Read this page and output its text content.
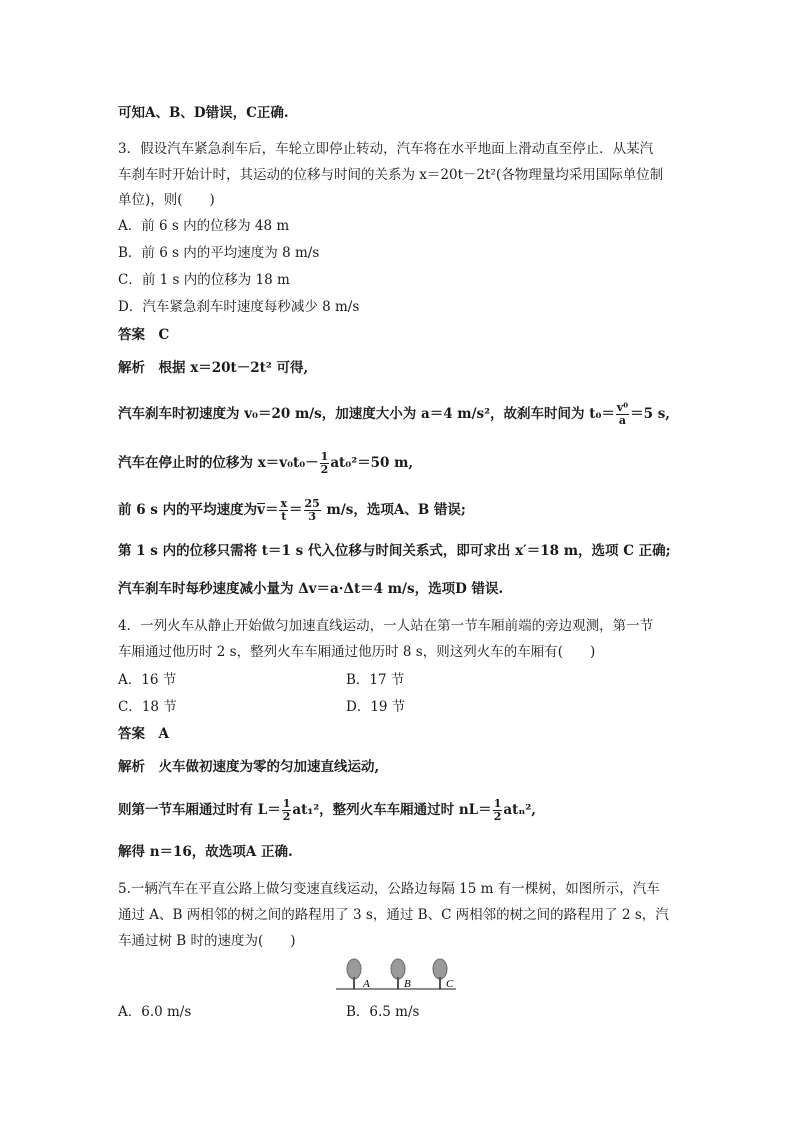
可知A、B、D错误，C正确.
3．假设汽车紧急刹车后，车轮立即停止转动，汽车将在水平地面上滑动直至停止．从某汽
车刹车时开始计时，其运动的位移与时间的关系为 x＝20t－2t²(各物理量均采用国际单位制
单位)，则(　　)
A．前 6 s 内的位移为 48 m
B．前 6 s 内的平均速度为 8 m/s
C．前 1 s 内的位移为 18 m
D．汽车紧急刹车时速度每秒减少 8 m/s
答案　C
解析　根据 x＝20t－2t² 可得,
汽车刹车时初速度为 v₀＝20 m/s，加速度大小为 a＝4 m/s²，故刹车时间为 $t_0= \frac{\text{v⁰}}{a} =5$ s,
汽车在停止时的位移为 $x=v_0t_0- \frac{1}{2} at_0^2=50$ m,
前 6 s 内的平均速度为$v= \frac{x}{t} = \frac{25}{3} m/s$，选项A、B 错误;
第 1 s 内的位移只需将 t＝1 s 代入位移与时间关系式，即可求出 x′＝18 m，选项 C 正确;
汽车刹车时每秒速度减小量为 Δv＝a·Δt＝4 m/s，选项D 错误.
4．一列火车从静止开始做匀加速直线运动，一人站在第一节车厢前端的旁边观测，第一节
车厢通过他历时 2 s，整列火车车厢通过他历时 8 s，则这列火车的车厢有(　　)
A．16 节	B．17 节
C．18 节	D．19 节
答案　A
解析　火车做初速度为零的匀加速直线运动,
则第一节车厢通过时有 $L= \frac{1}{2} at_1^2$，整列火车车厢通过时 $nL= \frac{1}{2} at_n^2$,
解得 n＝16，故选项A 正确.
5.一辆汽车在平直公路上做匀变速直线运动，公路边每隔 15 m 有一棵树，如图所示，汽车
通过 A、B 两相邻的树之间的路程用了 3 s，通过 B、C 两相邻的树之间的路程用了 2 s，汽
车通过树 B 时的速度为(　　)
A	B	C
A．6.0 m/s	B．6.5 m/s
